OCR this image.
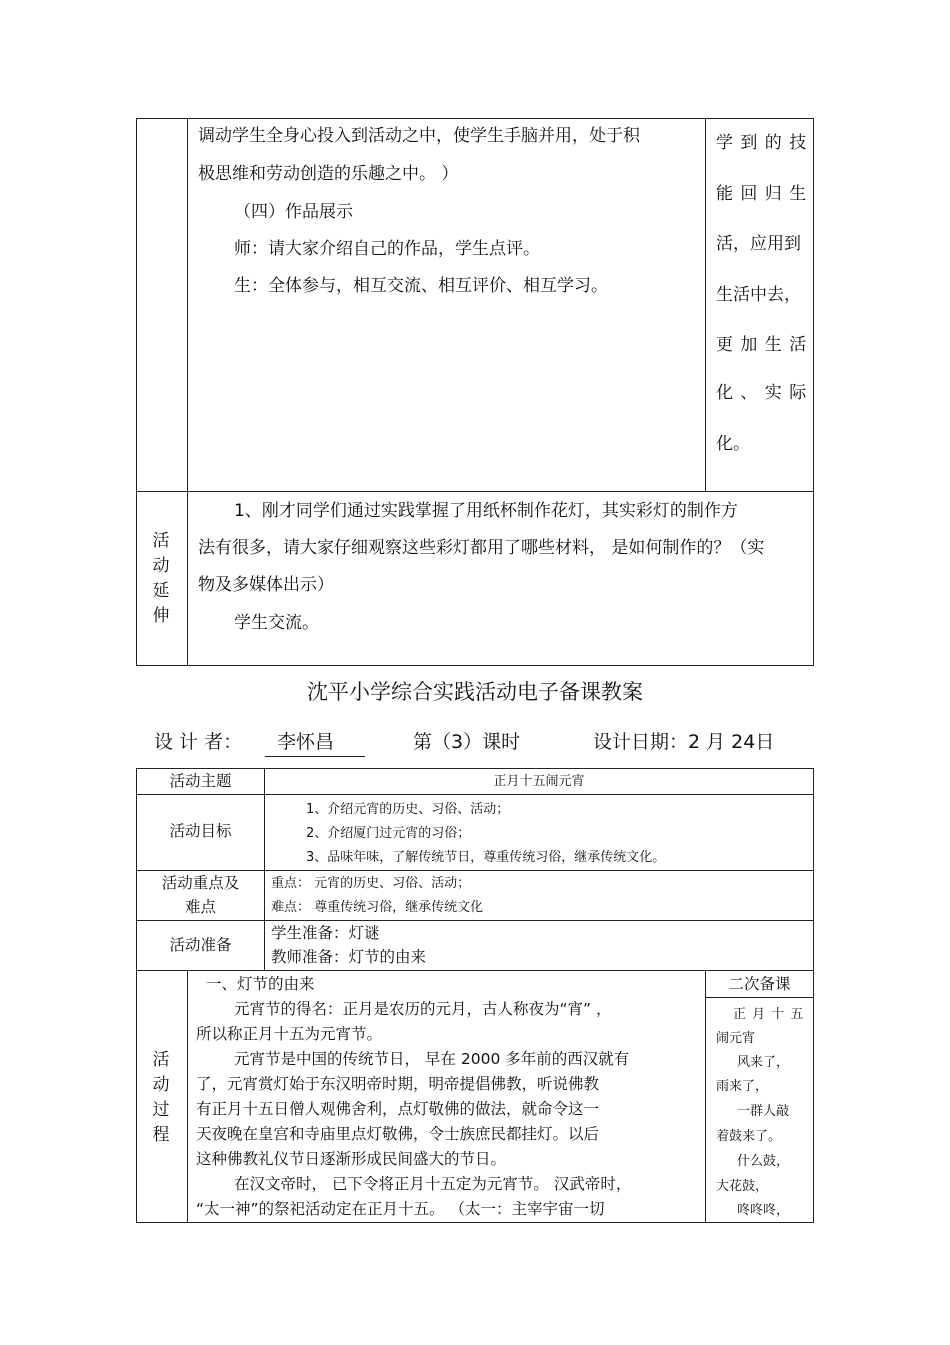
调动学生全身心投入到活动之中，使学生手脑并用，处于积
极思维和劳动创造的乐趣之中。 ）
（四）作品展示
师：请大家介绍自己的作品，学生点评。
生：全体参与，相互交流、相互评价、相互学习。
学 到 的 技
能 回 归 生
活，应用到
生活中去，
更 加 生 活
化 、 实 际
化。
活动延伸
1、刚才同学们通过实践掌握了用纸杯制作花灯，其实彩灯的制作方
法有很多，请大家仔细观察这些彩灯都用了哪些材料， 是如何制作的？（实
物及多媒体出示）
学生交流。
沈平小学综合实践活动电子备课教案
设 计 者： 李怀昌	第（3）课时	设计日期：2 月 24日
活动主题
活动目标
活动重点及
难点
活动准备
正月十五闹元宵
1、介绍元宵的历史、习俗、活动；
2、介绍厦门过元宵的习俗；
3、品味年味，了解传统节日，尊重传统习俗，继承传统文化。
重点： 元宵的历史、习俗、活动；
难点： 尊重传统习俗，继承传统文化
学生准备：灯谜
教师准备：灯节的由来
活动过程
一、灯节的由来
元宵节的得名：正月是农历的元月，古人称夜为“宵” ，
所以称正月十五为元宵节。
元宵节是中国的传统节日， 早在 2000 多年前的西汉就有
了，元宵赏灯始于东汉明帝时期，明帝提倡佛教，听说佛教
有正月十五日僧人观佛舍利，点灯敬佛的做法，就命令这一
天夜晚在皇宫和寺庙里点灯敬佛，令士族庶民都挂灯。以后
这种佛教礼仪节日逐渐形成民间盛大的节日。
在汉文帝时， 已下令将正月十五定为元宵节。 汉武帝时，
“太一神”的祭祀活动定在正月十五。 （太一：主宰宇宙一切
二次备课
正 月 十 五
闹元宵
风来了，
雨来了，
一群人敲
着鼓来了。
什么鼓，
大花鼓，
咚咚咚，
